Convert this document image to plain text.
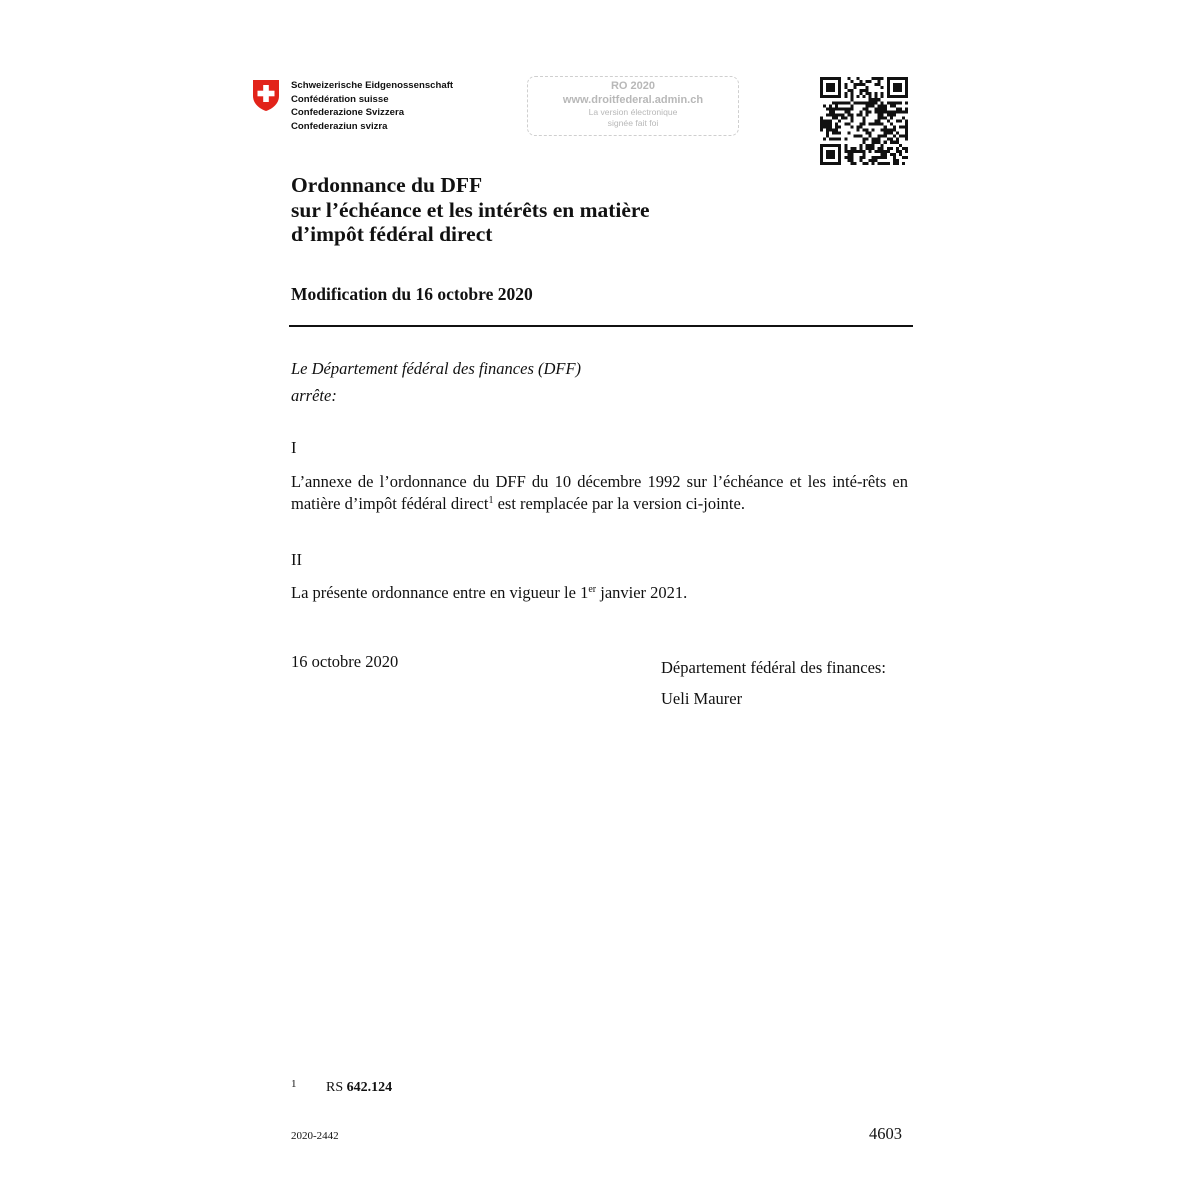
Schweizerische Eidgenossenschaft
Confédération suisse
Confederazione Svizzera
Confederaziun svizra
RO 2020
www.droitfederal.admin.ch
La version électronique
signée fait foi
Ordonnance du DFF
sur l’échéance et les intérêts en matière
d’impôt fédéral direct
Modification du 16 octobre 2020
Le Département fédéral des finances (DFF)
arrête:
I
L’annexe de l’ordonnance du DFF du 10 décembre 1992 sur l’échéance et les inté-rêts en matière d’impôt fédéral direct$^1$ est remplacée par la version ci-jointe.
II
La présente ordonnance entre en vigueur le 1er janvier 2021.
16 octobre 2020	Département fédéral des finances:
Ueli Maurer
1 RS 642.124
2020-2442	4603
